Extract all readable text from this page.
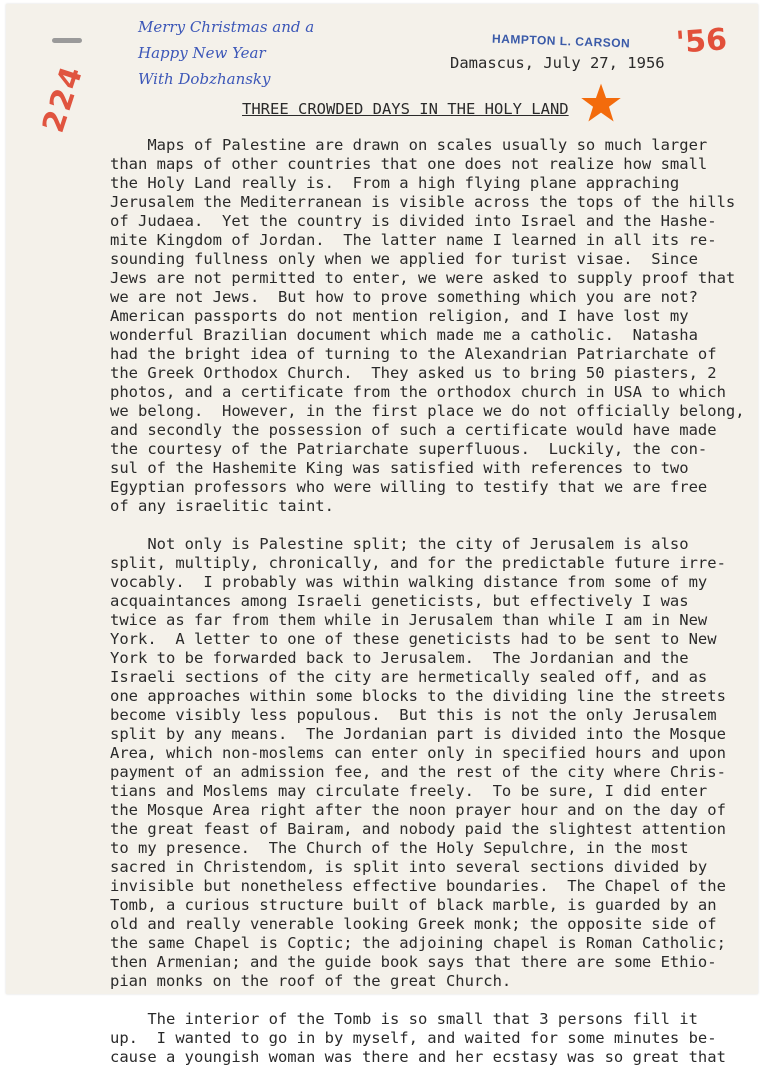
Merry Christmas and a
Happy New Year
With Dobzhansky
224
HAMPTON L. CARSON
Damascus, July 27, 1956
'56
THREE CROWDED DAYS IN THE HOLY LAND
Maps of Palestine are drawn on scales usually so much larger
than maps of other countries that one does not realize how small
the Holy Land really is.  From a high flying plane appraching
Jerusalem the Mediterranean is visible across the tops of the hills
of Judaea.  Yet the country is divided into Israel and the Hashe-
mite Kingdom of Jordan.  The latter name I learned in all its re-
sounding fullness only when we applied for turist visae.  Since
Jews are not permitted to enter, we were asked to supply proof that
we are not Jews.  But how to prove something which you are not?
American passports do not mention religion, and I have lost my
wonderful Brazilian document which made me a catholic.  Natasha
had the bright idea of turning to the Alexandrian Patriarchate of
the Greek Orthodox Church.  They asked us to bring 50 piasters, 2
photos, and a certificate from the orthodox church in USA to which
we belong.  However, in the first place we do not officially belong,
and secondly the possession of such a certificate would have made
the courtesy of the Patriarchate superfluous.  Luckily, the con-
sul of the Hashemite King was satisfied with references to two
Egyptian professors who were willing to testify that we are free
of any israelitic taint.
Not only is Palestine split; the city of Jerusalem is also
split, multiply, chronically, and for the predictable future irre-
vocably.  I probably was within walking distance from some of my
acquaintances among Israeli geneticists, but effectively I was
twice as far from them while in Jerusalem than while I am in New
York.  A letter to one of these geneticists had to be sent to New
York to be forwarded back to Jerusalem.  The Jordanian and the
Israeli sections of the city are hermetically sealed off, and as
one approaches within some blocks to the dividing line the streets
become visibly less populous.  But this is not the only Jerusalem
split by any means.  The Jordanian part is divided into the Mosque
Area, which non-moslems can enter only in specified hours and upon
payment of an admission fee, and the rest of the city where Chris-
tians and Moslems may circulate freely.  To be sure, I did enter
the Mosque Area right after the noon prayer hour and on the day of
the great feast of Bairam, and nobody paid the slightest attention
to my presence.  The Church of the Holy Sepulchre, in the most
sacred in Christendom, is split into several sections divided by
invisible but nonetheless effective boundaries.  The Chapel of the
Tomb, a curious structure built of black marble, is guarded by an
old and really venerable looking Greek monk; the opposite side of
the same Chapel is Coptic; the adjoining chapel is Roman Catholic;
then Armenian; and the guide book says that there are some Ethio-
pian monks on the roof of the great Church.
The interior of the Tomb is so small that 3 persons fill it
up.  I wanted to go in by myself, and waited for some minutes be-
cause a youngish woman was there and her ecstasy was so great that
